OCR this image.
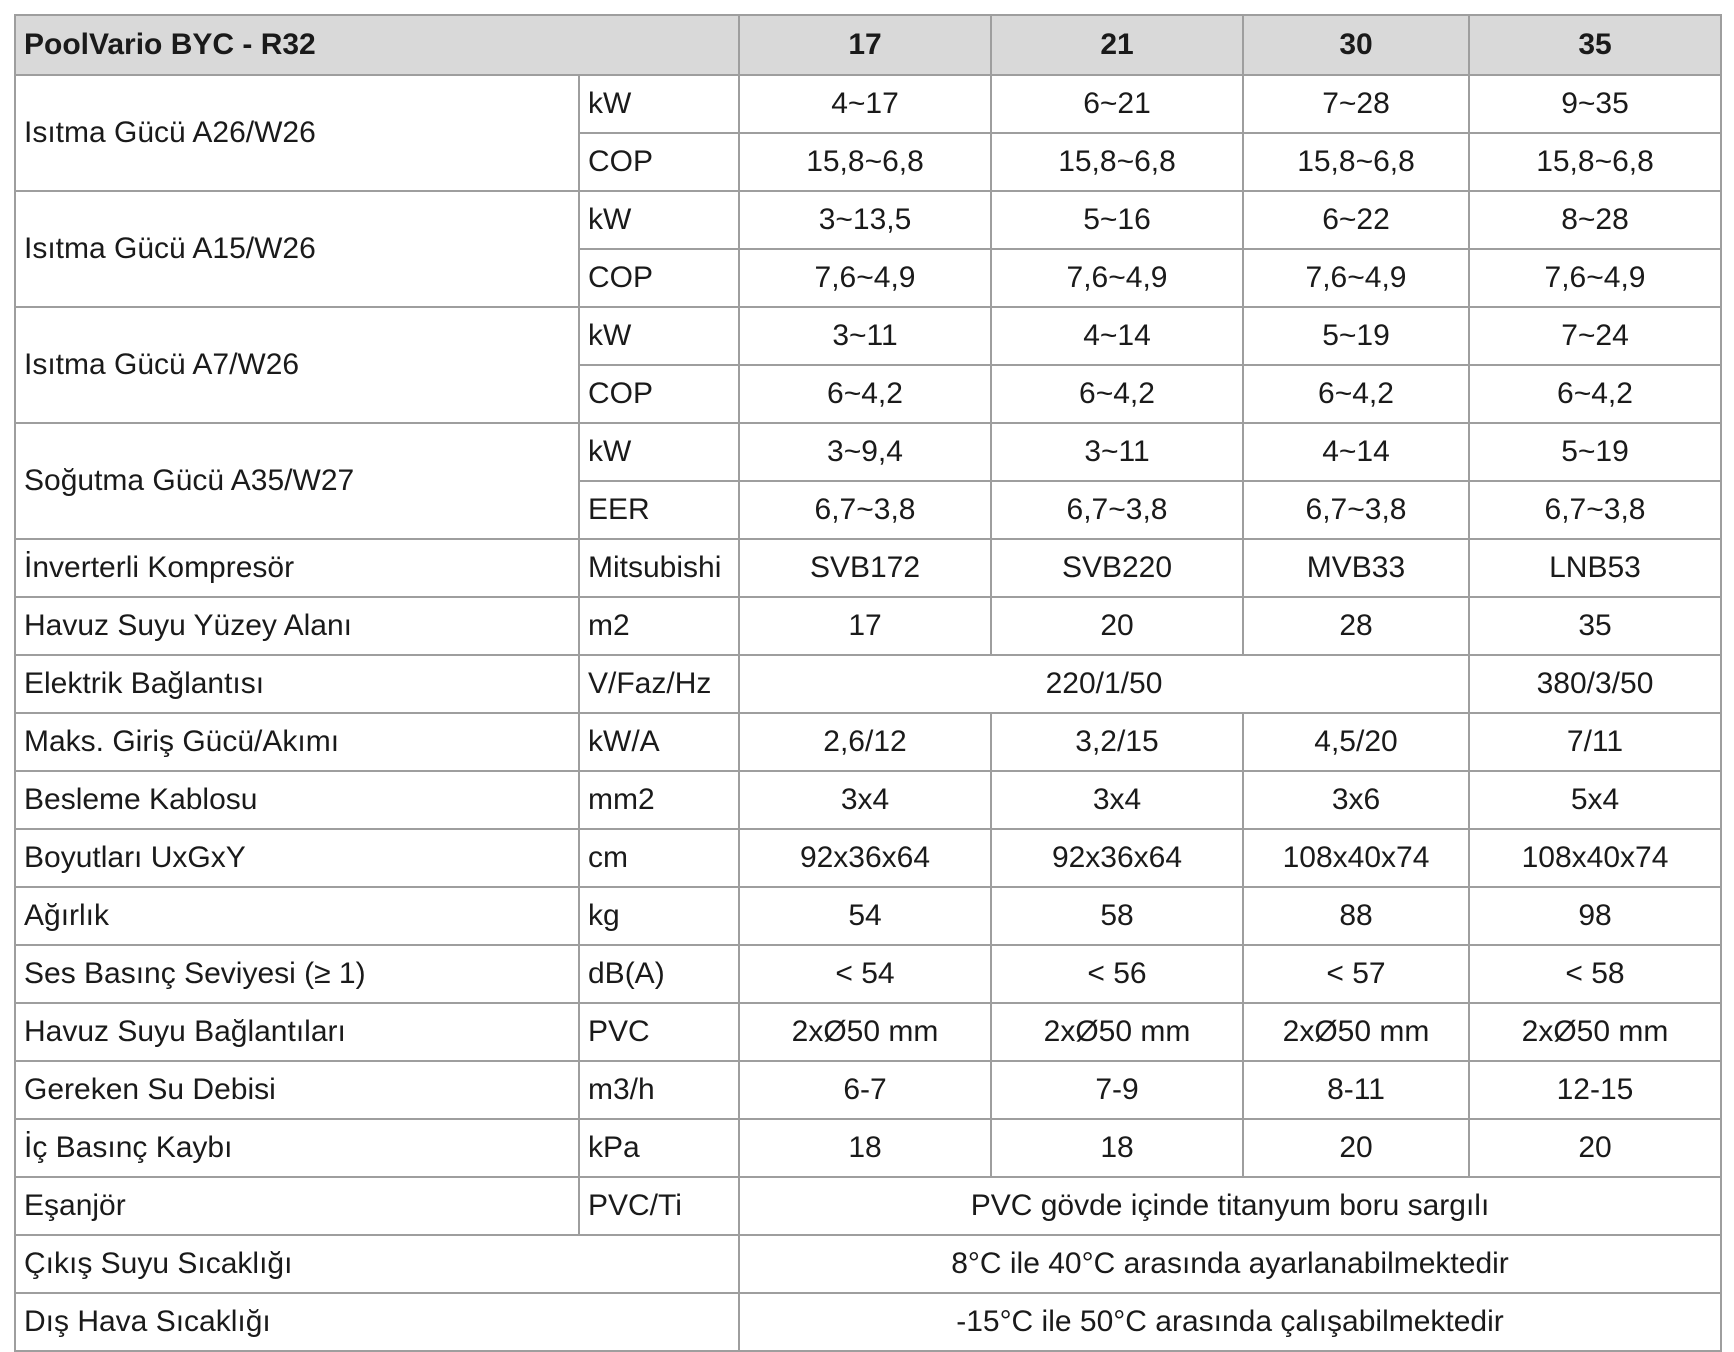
PoolVario BYC - R32		17	21	30	35
Isıtma Gücü A26/W26	kW	4~17	6~21	7~28	9~35
	COP	15,8~6,8	15,8~6,8	15,8~6,8	15,8~6,8
Isıtma Gücü A15/W26	kW	3~13,5	5~16	6~22	8~28
	COP	7,6~4,9	7,6~4,9	7,6~4,9	7,6~4,9
Isıtma Gücü A7/W26	kW	3~11	4~14	5~19	7~24
	COP	6~4,2	6~4,2	6~4,2	6~4,2
Soğutma Gücü A35/W27	kW	3~9,4	3~11	4~14	5~19
	EER	6,7~3,8	6,7~3,8	6,7~3,8	6,7~3,8
İnverterli Kompresör	Mitsubishi	SVB172	SVB220	MVB33	LNB53
Havuz Suyu Yüzey Alanı	m2	17	20	28	35
Elektrik Bağlantısı	V/Faz/Hz	220/1/50			380/3/50
Maks. Giriş Gücü/Akımı	kW/A	2,6/12	3,2/15	4,5/20	7/11
Besleme Kablosu	mm2	3x4	3x4	3x6	5x4
Boyutları UxGxY	cm	92x36x64	92x36x64	108x40x74	108x40x74
Ağırlık	kg	54	58	88	98
Ses Basınç Seviyesi (≥ 1)	dB(A)	< 54	< 56	< 57	< 58
Havuz Suyu Bağlantıları	PVC	2xØ50 mm	2xØ50 mm	2xØ50 mm	2xØ50 mm
Gereken Su Debisi	m3/h	6-7	7-9	8-11	12-15
İç Basınç Kaybı	kPa	18	18	20	20
Eşanjör	PVC/Ti	PVC gövde içinde titanyum boru sargılı			
Çıkış Suyu Sıcaklığı		8°C ile 40°C arasında ayarlanabilmektedir			
Dış Hava Sıcaklığı		-15°C ile 50°C arasında çalışabilmektedir			
